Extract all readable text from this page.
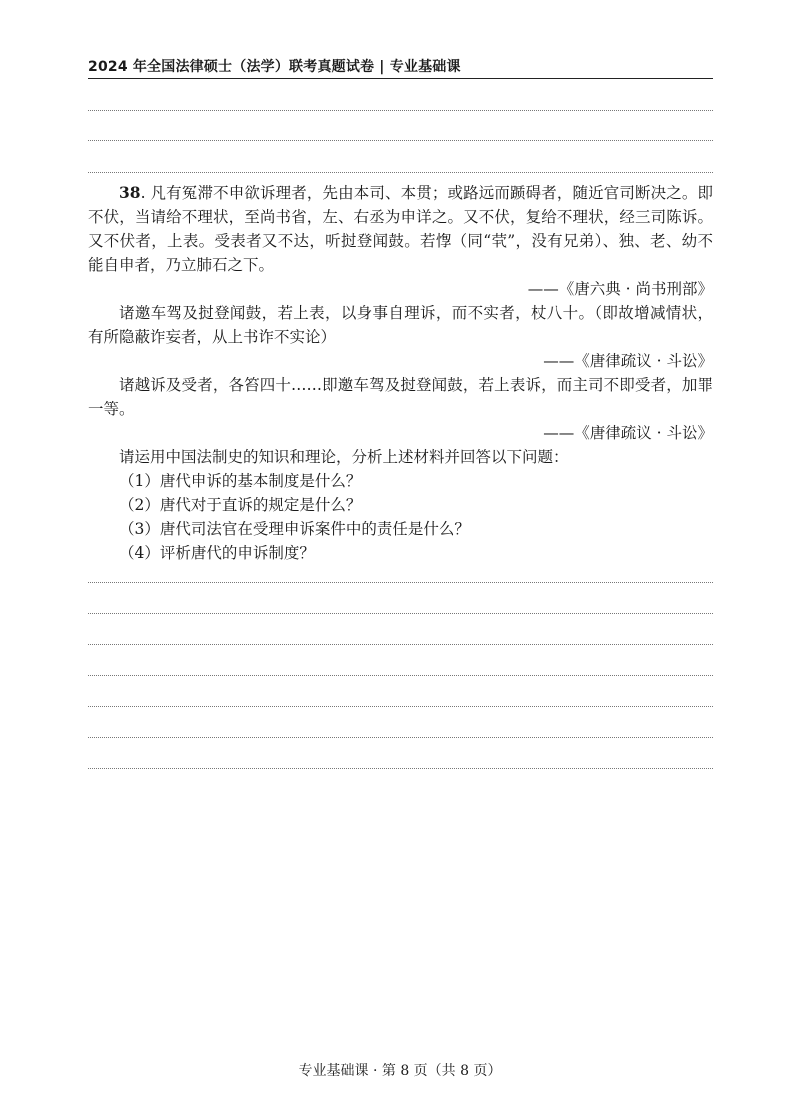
2024 年全国法律硕士（法学）联考真题试卷 | 专业基础课

38. 凡有冤滞不申欲诉理者，先由本司、本贯；或路远而踬碍者，随近官司断决之。即不伏，当请给不理状，至尚书省，左、右丞为申详之。又不伏，复给不理状，经三司陈诉。又不伏者，上表。受表者又不达，听挝登闻鼓。若惸（同“茕”，没有兄弟）、独、老、幼不能自申者，乃立肺石之下。

——《唐六典 · 尚书刑部》

诸邀车驾及挝登闻鼓，若上表，以身事自理诉，而不实者，杖八十。（即故增减情状，有所隐蔽诈妄者，从上书诈不实论）

——《唐律疏议 · 斗讼》

诸越诉及受者，各笞四十……即邀车驾及挝登闻鼓，若上表诉，而主司不即受者，加罪一等。

——《唐律疏议 · 斗讼》

请运用中国法制史的知识和理论，分析上述材料并回答以下问题：

（1）唐代申诉的基本制度是什么？

（2）唐代对于直诉的规定是什么？

（3）唐代司法官在受理申诉案件中的责任是什么？

（4）评析唐代的申诉制度？

专业基础课 · 第 8 页（共 8 页）
